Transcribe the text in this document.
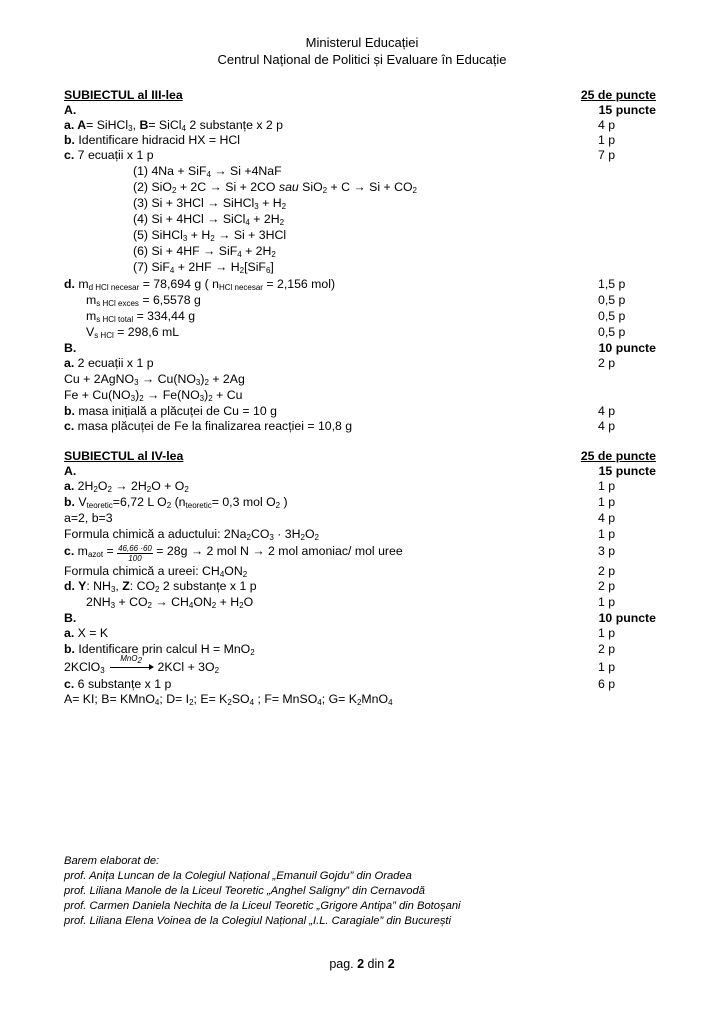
Ministerul Educației
Centrul Național de Politici și Evaluare în Educație
SUBIECTUL al III-lea	25 de puncte
A.	15 puncte
a. A= SiHCl$_3$, B= SiCl$_4$ 2 substanțe x 2 p	4 p
b. Identificare hidracid HX = HCl	1 p
c. 7 ecuații x 1 p	7 p
(1) 4Na + SiF$_4$ → Si +4NaF
(2) SiO$_2$ + 2C → Si + 2CO sau $SiO_2 + C \to Si + CO_2$
(3) Si + 3HCl → SiHCl$_3$ + $H_2$
(4) Si + 4HCl → SiCl$_4$ + $2H_2$
(5) SiHCl$_3$ + $H_2 \to Si + 3HCl$
(6) $Si + 4HF \to SiF_4 + 2H_2$
(7) $SiF_4 + 2HF \to H_2[SiF_6]$
d. $m_{d HCl necesar} = 78,694$ g ( $n_{HCl necesar} = 2,156$ mol)	1,5 p
$m_{s HCl exces} = 6,5578$ g	0,5 p
$m_{s HCl total} = 334,44$ g	0,5 p
$V_{s HCl} = 298,6$ mL	0,5 p
B.	10 puncte
a. 2 ecuații x 1 p	2 p
Cu + 2AgNO$_3$ → $Cu(NO_3)_2 + 2Ag$
$Fe + Cu(NO_3)_2 \to Fe(NO_3)_2 + Cu$
b. masa inițială a plăcuței de Cu = 10 g	4 p
c. masa plăcuței de Fe la finalizarea reacției = 10,8 g	4 p
SUBIECTUL al IV-lea	25 de puncte
A.	15 puncte
a. $2H_2O_2 \to 2H_2O + O_2$	1 p
b. $V_{teoretic}=6,72$ L $O_2$ ($n_{teoretic}= 0,3$ mol $O_2$ )	1 p
a=2, b=3	4 p
Formula chimică a aductului: $2Na_2CO_3 \cdot 3H_2O_2$	1 p
c. $m_{azot} = \frac{46,66 \cdot 60}{100} = 28g \to 2$ mol N → 2 mol amoniac/ mol uree	3 p
Formula chimică a ureei: $CH_4ON_2$	2 p
d. Y: $NH_3$, Z: $CO_2$ 2 substanțe x 1 p	2 p
$2NH_3 + CO_2 \to CH_4ON_2 + H_2O$	1 p
B.	10 puncte
a. X = K	1 p
b. Identificare prin calcul H = MnO$_2$	2 p
2KClO$_3$
MnO$_2$ $2KCl + 3O_2$	1 p
c. 6 substanțe x 1 p	6 p
A= KI; B= KMnO$_4$; $D= I_2$; $E= K_2SO_4$ ; F= MnSO$_4$; $G= K_2MnO_4$
Barem elaborat de:
prof. Anița Luncan de la Colegiul Național „Emanuil Gojdu” din Oradea
prof. Liliana Manole de la Liceul Teoretic „Anghel Saligny” din Cernavodă
prof. Carmen Daniela Nechita de la Liceul Teoretic „Grigore Antipa” din Botoșani
prof. Liliana Elena Voinea de la Colegiul Național „I.L. Caragiale” din București
pag. 2 din 2
